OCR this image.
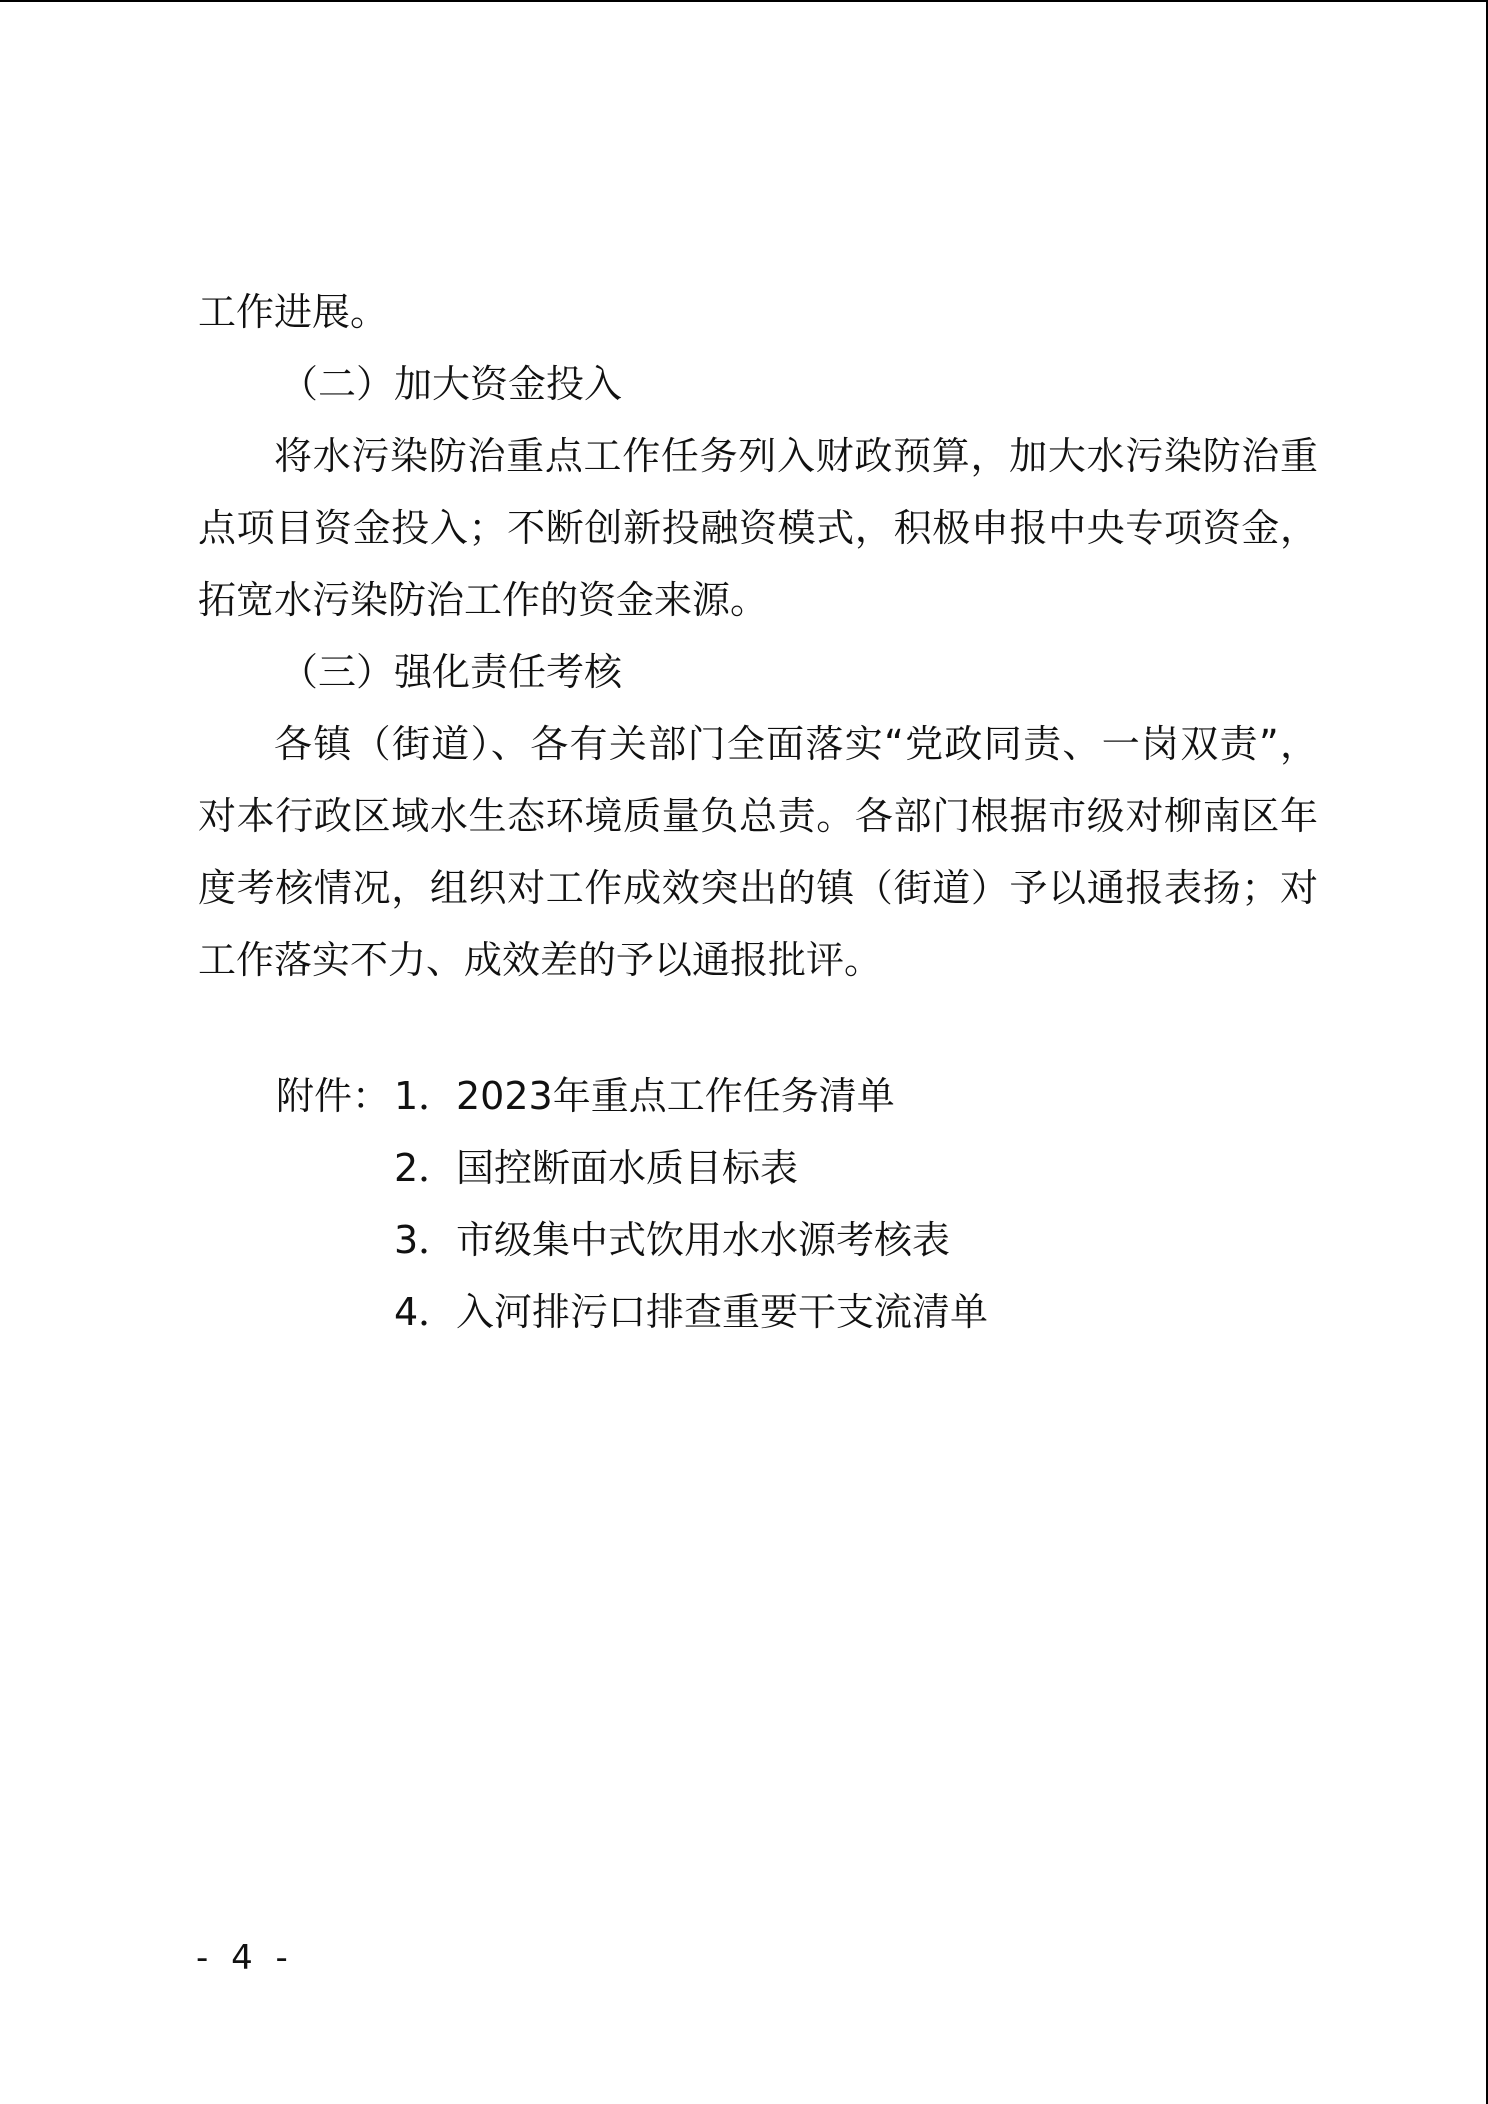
工作进展。

（二）加大资金投入

将水污染防治重点工作任务列入财政预算，加大水污染防治重点项目资金投入；不断创新投融资模式，积极申报中央专项资金，拓宽水污染防治工作的资金来源。

（三）强化责任考核

各镇（街道）、各有关部门全面落实“党政同责、一岗双责”，对本行政区域水生态环境质量负总责。各部门根据市级对柳南区年度考核情况，组织对工作成效突出的镇（街道）予以通报表扬；对工作落实不力、成效差的予以通报批评。

附件： 1． 2023年重点工作任务清单
2． 国控断面水质目标表
3． 市级集中式饮用水水源考核表
4． 入河排污口排查重要干支流清单
- 4 -
